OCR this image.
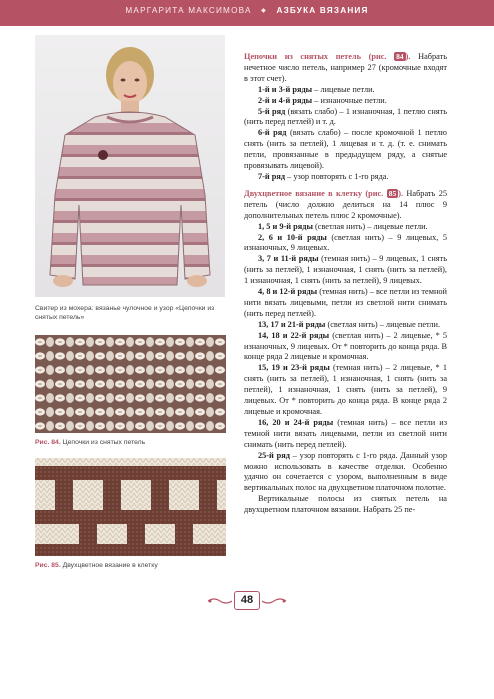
МАРГАРИТА МАКСИМОВА ◆ АЗБУКА ВЯЗАНИЯ
Свитер из мохера: вязанье чулочное и узор «Цепочки из снятых петель»
Рис. 84. Цепочки из снятых петель
Рис. 85. Двухцветное вязание в клетку

Цепочки из снятых петель (рис. 84 ). Набрать нечетное число петель, например 27 (кромочные входят в этот счет).

1-й и 3-й ряды – лицевые петли.

2-й и 4-й ряды – изнаночные петли.

5-й ряд (вязать слабо) – 1 изнаночная, 1 петлю снять (нить перед петлей) и т. д.

6-й ряд (вязать слабо) – после кромочной 1 петлю снять (нить за петлей), 1 лицевая и т. д. (т. е. снимать петли, провязанные в предыдущем ряду, а снятые провязывать лицевой).

7-й ряд – узор повторять с 1-го ряда.

Двухцветное вязание в клетку (рис. 85 ). Набрать 25 петель (число должно делиться на 14 плюс 9 дополнительных петель плюс 2 кромочные).

1, 5 и 9-й ряды (светлая нить) – лицевые петли.

2, 6 и 10-й ряды (светлая нить) – 9 лицевых, 5 изнаночных, 9 лицевых.

3, 7 и 11-й ряды (темная нить) – 9 лицевых, 1 снять (нить за петлей), 1 изнаночная, 1 снять (нить за петлей), 1 изнаночная, 1 снять (нить за петлей), 9 лицевых.

4, 8 и 12-й ряды (темная нить) – все петли из темной нити вязать лицевыми, петли из светлой нити снимать (нить перед петлей).

13, 17 и 21-й ряды (светлая нить) – лицевые петли.

14, 18 и 22-й ряды (светлая нить) – 2 лицевые, * 5 изнаночных, 9 лицевых. От * повторить до конца ряда. В конце ряда 2 лицевые и кромочная.

15, 19 и 23-й ряды (темная нить) – 2 лицевые, * 1 снять (нить за петлей), 1 изнаночная, 1 снять (нить за петлей), 1 изнаночная, 1 снять (нить за петлей), 9 лицевых. От * повторить до конца ряда. В конце ряда 2 лицевые и кромочная.

16, 20 и 24-й ряды (темная нить) – все петли из темной нити вязать лицевыми, петли из светлой нити снимать (нить перед петлей).

25-й ряд – узор повторять с 1-го ряда. Данный узор можно использовать в качестве отделки. Особенно удачно он сочетается с узором, выполненным в виде вертикальных полос на двухцветном платочном полотне.

Вертикальные полосы из снятых петель на двухцветном платочном вязании. Набрать 25 пе-

48
